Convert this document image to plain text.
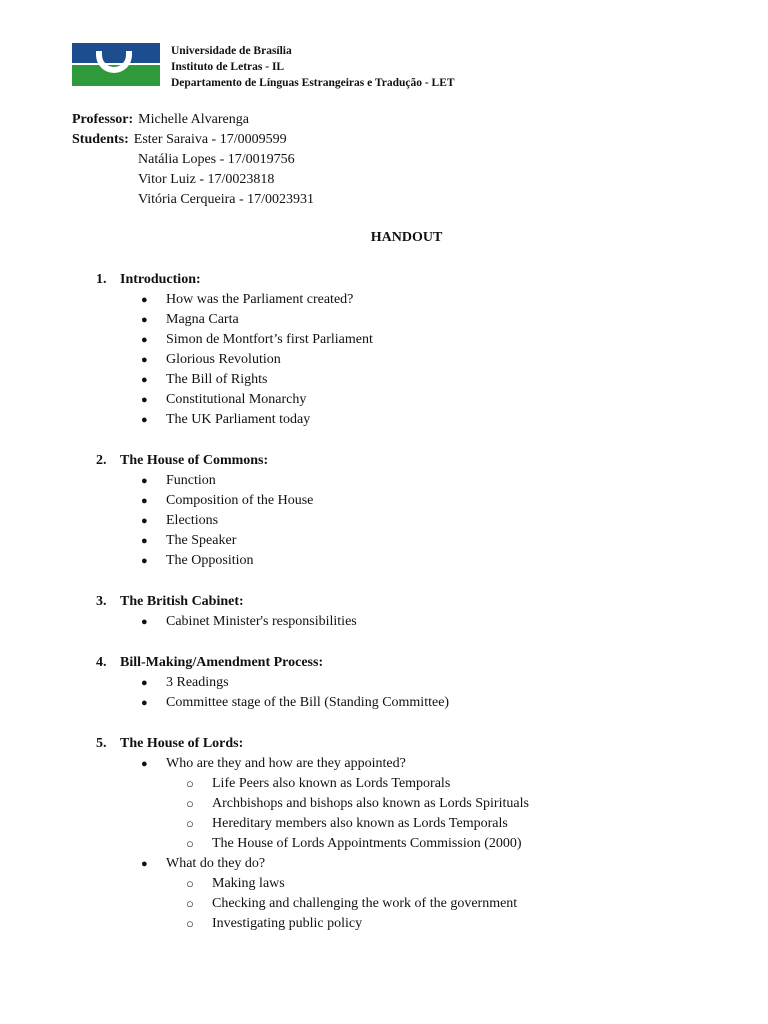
Universidade de Brasília
Instituto de Letras - IL
Departamento de Línguas Estrangeiras e Tradução - LET
Professor: Michelle Alvarenga
Students: Ester Saraiva - 17/0009599
Natália Lopes - 17/0019756
Vitor Luiz - 17/0023818
Vitória Cerqueira - 17/0023931
HANDOUT
1. Introduction:
● How was the Parliament created?
● Magna Carta
● Simon de Montfort’s first Parliament
● Glorious Revolution
● The Bill of Rights
● Constitutional Monarchy
● The UK Parliament today
2. The House of Commons:
● Function
● Composition of the House
● Elections
● The Speaker
● The Opposition
3. The British Cabinet:
● Cabinet Minister's responsibilities
4. Bill-Making/Amendment Process:
● 3 Readings
● Committee stage of the Bill (Standing Committee)
5. The House of Lords:
● Who are they and how are they appointed?
○ Life Peers also known as Lords Temporals
○ Archbishops and bishops also known as Lords Spirituals
○ Hereditary members also known as Lords Temporals
○ The House of Lords Appointments Commission (2000)
● What do they do?
○ Making laws
○ Checking and challenging the work of the government
○ Investigating public policy
